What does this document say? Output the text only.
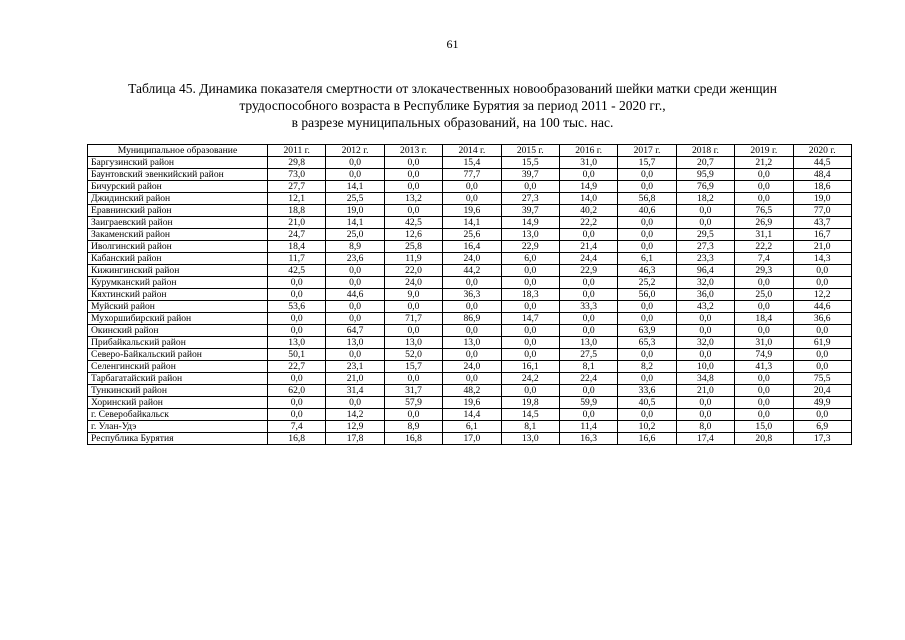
61
Таблица 45. Динамика показателя смертности от злокачественных новообразований шейки матки среди женщин
трудоспособного возраста в Республике Бурятия за период 2011 - 2020 гг.,
в разрезе муниципальных образований, на 100 тыс. нас.
Муниципальное образование	2011 г.	2012 г.	2013 г.	2014 г.	2015 г.	2016 г.	2017 г.	2018 г.	2019 г.	2020 г.
Баргузинский район	29,8	0,0	0,0	15,4	15,5	31,0	15,7	20,7	21,2	44,5
Баунтовский эвенкийский район	73,0	0,0	0,0	77,7	39,7	0,0	0,0	95,9	0,0	48,4
Бичурский район	27,7	14,1	0,0	0,0	0,0	14,9	0,0	76,9	0,0	18,6
Джидинский район	12,1	25,5	13,2	0,0	27,3	14,0	56,8	18,2	0,0	19,0
Еравнинский район	18,8	19,0	0,0	19,6	39,7	40,2	40,6	0,0	76,5	77,0
Заиграевский район	21,0	14,1	42,5	14,1	14,9	22,2	0,0	0,0	26,9	43,7
Закаменский район	24,7	25,0	12,6	25,6	13,0	0,0	0,0	29,5	31,1	16,7
Иволгинский район	18,4	8,9	25,8	16,4	22,9	21,4	0,0	27,3	22,2	21,0
Кабанский район	11,7	23,6	11,9	24,0	6,0	24,4	6,1	23,3	7,4	14,3
Кижингинский район	42,5	0,0	22,0	44,2	0,0	22,9	46,3	96,4	29,3	0,0
Курумканский район	0,0	0,0	24,0	0,0	0,0	0,0	25,2	32,0	0,0	0,0
Кяхтинский район	0,0	44,6	9,0	36,3	18,3	0,0	56,0	36,0	25,0	12,2
Муйский район	53,6	0,0	0,0	0,0	0,0	33,3	0,0	43,2	0,0	44,6
Мухоршибирский район	0,0	0,0	71,7	86,9	14,7	0,0	0,0	0,0	18,4	36,6
Окинский район	0,0	64,7	0,0	0,0	0,0	0,0	63,9	0,0	0,0	0,0
Прибайкальский район	13,0	13,0	13,0	13,0	0,0	13,0	65,3	32,0	31,0	61,9
Северо-Байкальский район	50,1	0,0	52,0	0,0	0,0	27,5	0,0	0,0	74,9	0,0
Селенгинский район	22,7	23,1	15,7	24,0	16,1	8,1	8,2	10,0	41,3	0,0
Тарбагатайский район	0,0	21,0	0,0	0,0	24,2	22,4	0,0	34,8	0,0	75,5
Тункинский район	62,0	31,4	31,7	48,2	0,0	0,0	33,6	21,0	0,0	20,4
Хоринский район	0,0	0,0	57,9	19,6	19,8	59,9	40,5	0,0	0,0	49,9
г. Северобайкальск	0,0	14,2	0,0	14,4	14,5	0,0	0,0	0,0	0,0	0,0
г. Улан-Удэ	7,4	12,9	8,9	6,1	8,1	11,4	10,2	8,0	15,0	6,9
Республика Бурятия	16,8	17,8	16,8	17,0	13,0	16,3	16,6	17,4	20,8	17,3
